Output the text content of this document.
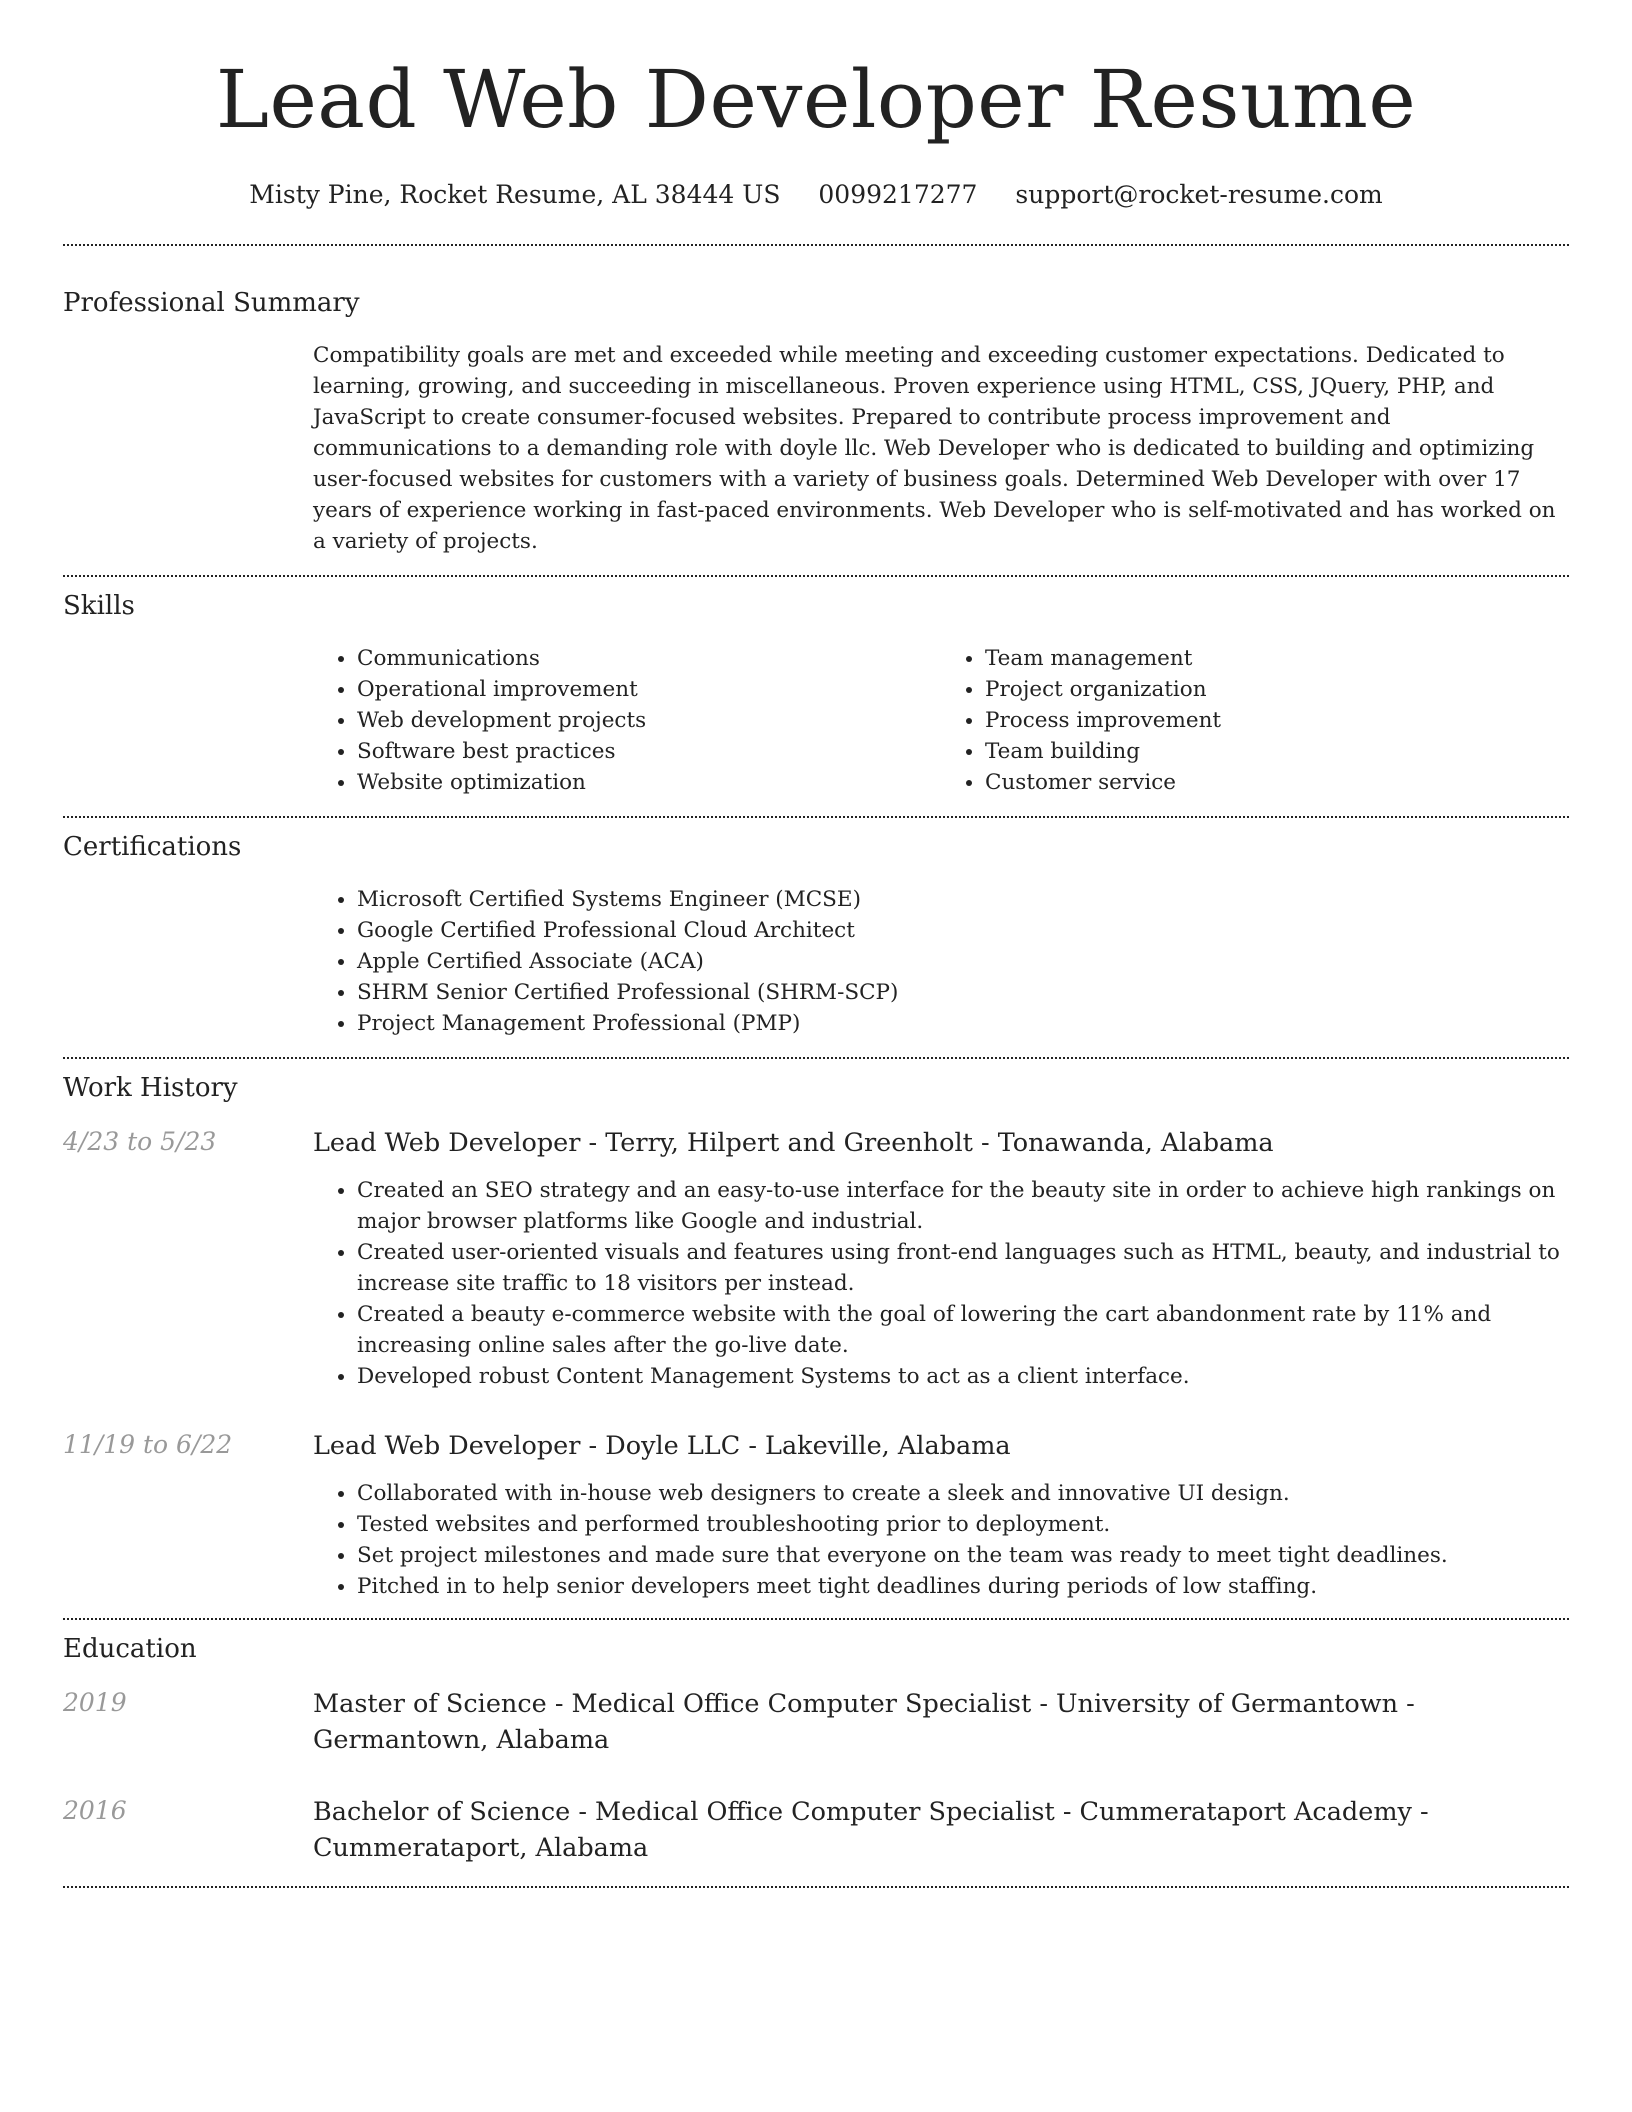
Lead Web Developer Resume
Misty Pine, Rocket Resume, AL 38444 US 0099217277 support@rocket-resume.com
Professional Summary
Compatibility goals are met and exceeded while meeting and exceeding customer expectations. Dedicated to learning, growing, and succeeding in miscellaneous. Proven experience using HTML, CSS, JQuery, PHP, and JavaScript to create consumer-focused websites. Prepared to contribute process improvement and communications to a demanding role with doyle llc. Web Developer who is dedicated to building and optimizing user-focused websites for customers with a variety of business goals. Determined Web Developer with over 17 years of experience working in fast-paced environments. Web Developer who is self-motivated and has worked on a variety of projects.
Skills
• Communications
• Operational improvement
• Web development projects
• Software best practices
• Website optimization
• Team management
• Project organization
• Process improvement
• Team building
• Customer service
Certifications
• Microsoft Certified Systems Engineer (MCSE)
• Google Certified Professional Cloud Architect
• Apple Certified Associate (ACA)
• SHRM Senior Certified Professional (SHRM-SCP)
• Project Management Professional (PMP)
Work History
4/23 to 5/23	Lead Web Developer - Terry, Hilpert and Greenholt - Tonawanda, Alabama
• Created an SEO strategy and an easy-to-use interface for the beauty site in order to achieve high rankings on major browser platforms like Google and industrial.
• Created user-oriented visuals and features using front-end languages such as HTML, beauty, and industrial to increase site traffic to 18 visitors per instead.
• Created a beauty e-commerce website with the goal of lowering the cart abandonment rate by 11% and increasing online sales after the go-live date.
• Developed robust Content Management Systems to act as a client interface.
11/19 to 6/22	Lead Web Developer - Doyle LLC - Lakeville, Alabama
• Collaborated with in-house web designers to create a sleek and innovative UI design.
• Tested websites and performed troubleshooting prior to deployment.
• Set project milestones and made sure that everyone on the team was ready to meet tight deadlines.
• Pitched in to help senior developers meet tight deadlines during periods of low staffing.
Education
2019	Master of Science - Medical Office Computer Specialist - University of Germantown - Germantown, Alabama
2016	Bachelor of Science - Medical Office Computer Specialist - Cummerataport Academy - Cummerataport, Alabama
